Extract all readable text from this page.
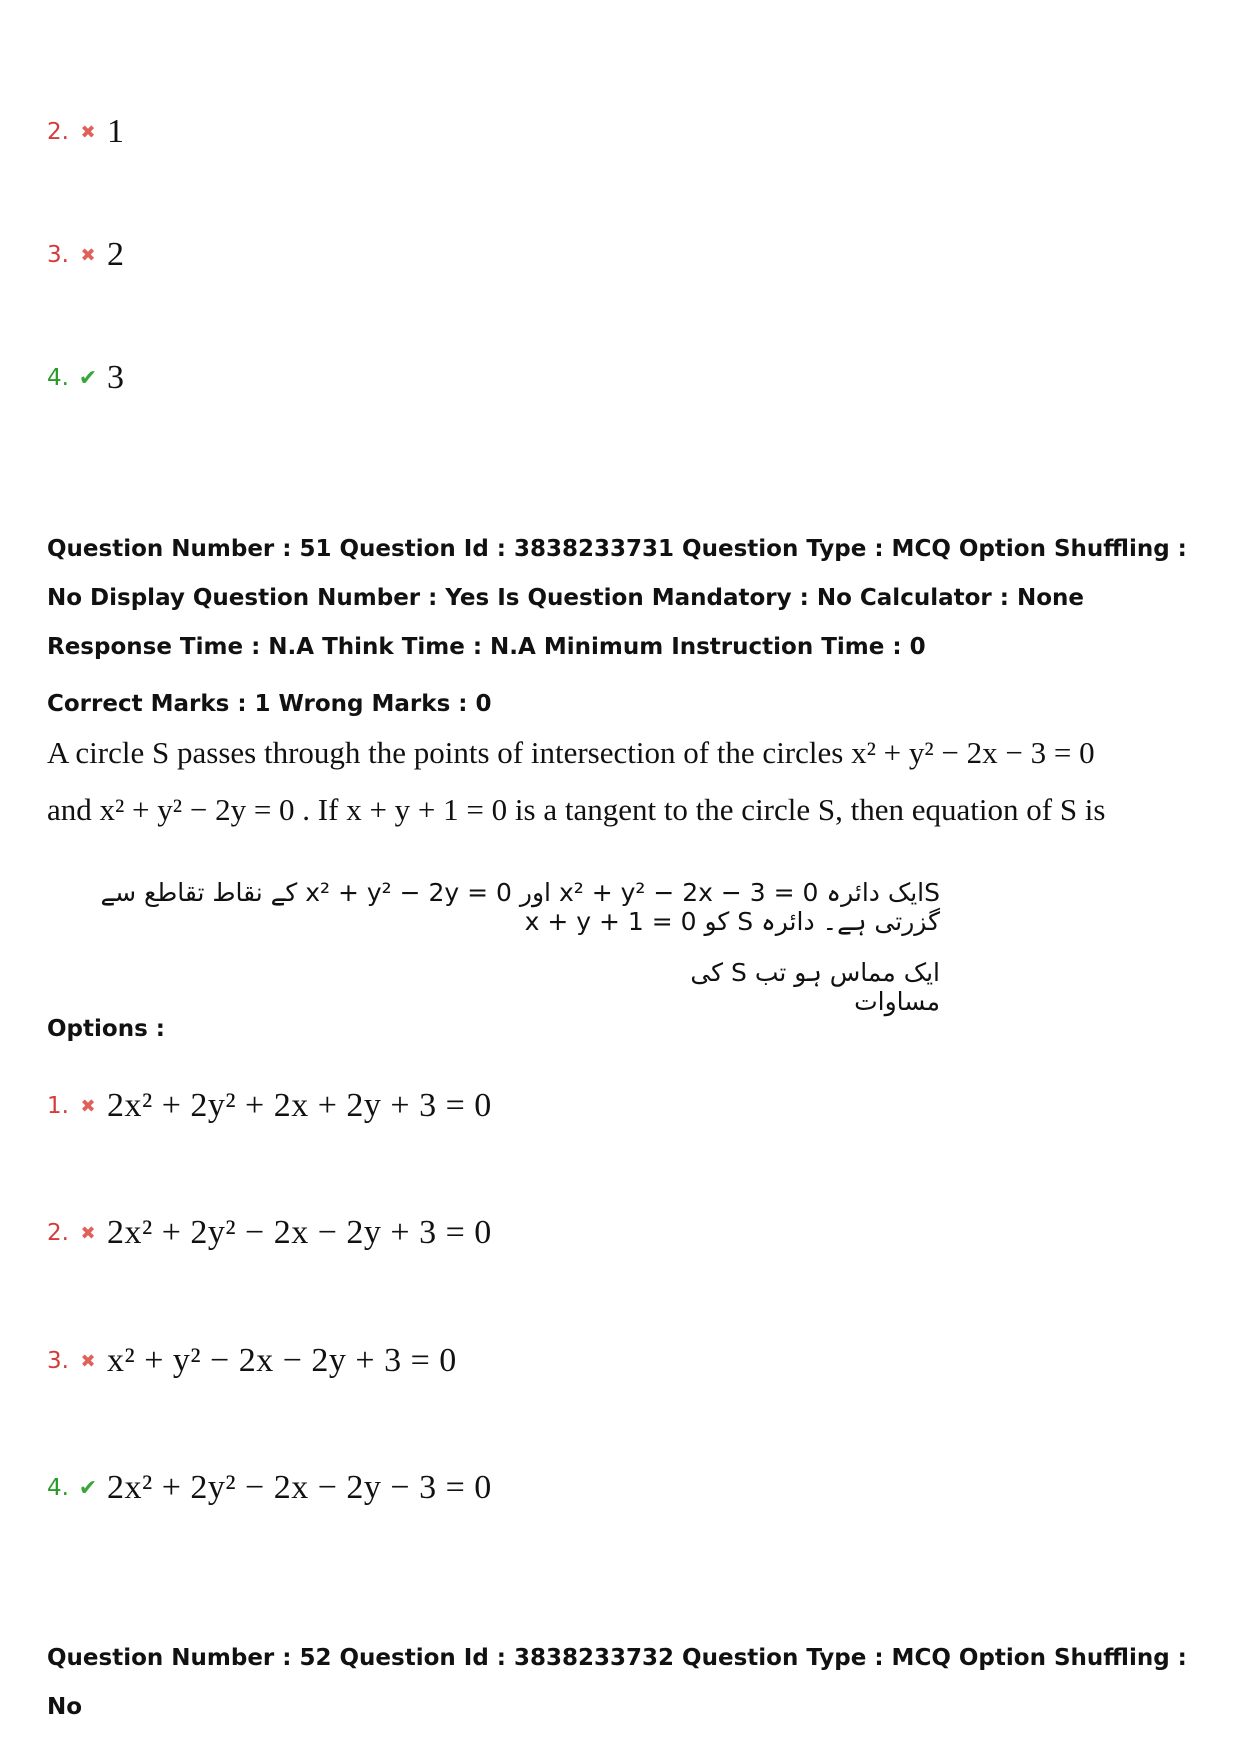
2. ✖ 1
3. ✖ 2
4. ✔ 3
Question Number : 51 Question Id : 3838233731 Question Type : MCQ Option Shuffling : No Display Question Number : Yes Is Question Mandatory : No Calculator : None Response Time : N.A Think Time : N.A Minimum Instruction Time : 0
Correct Marks : 1 Wrong Marks : 0
A circle S passes through the points of intersection of the circles x² + y² − 2x − 3 = 0
and x² + y² − 2y = 0 . If x + y + 1 = 0 is a tangent to the circle S, then equation of S is
Sایک دائرہ x² + y² − 2x − 3 = 0 اور x² + y² − 2y = 0 کے نقاط تقاطع سے گزرتی ہے۔ دائرہ S کو x + y + 1 = 0
ایک مماس ہو تب S کی مساوات
Options :
1. ✖ 2x² + 2y² + 2x + 2y + 3 = 0
2. ✖ 2x² + 2y² − 2x − 2y + 3 = 0
3. ✖ x² + y² − 2x − 2y + 3 = 0
4. ✔ 2x² + 2y² − 2x − 2y − 3 = 0
Question Number : 52 Question Id : 3838233732 Question Type : MCQ Option Shuffling : No
